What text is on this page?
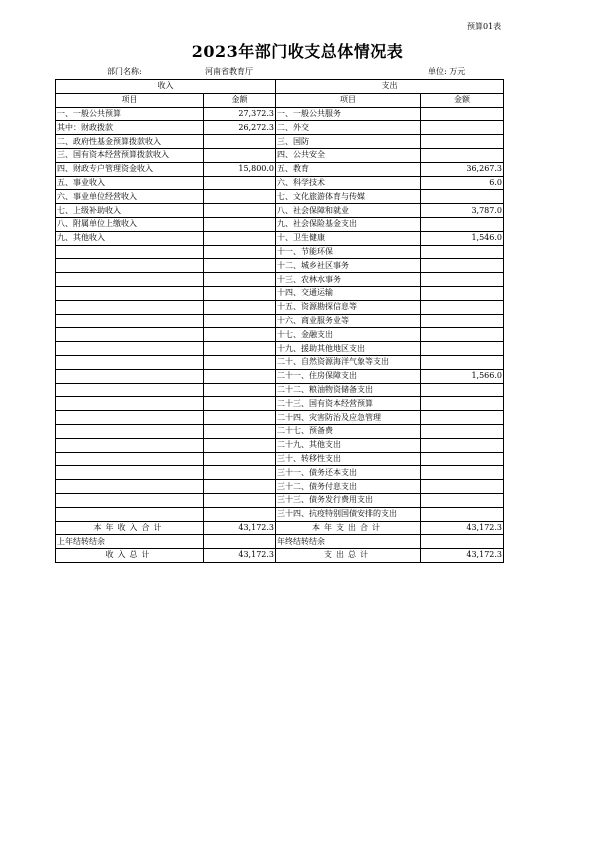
预算01表
2023年部门收支总体情况表
部门名称:	河南省教育厅	单位: 万元
收入		支出	
项目	金额	项目	金额
一、一般公共预算	27,372.3	一、一般公共服务	
其中：财政拨款	26,272.3	二、外交	
二、政府性基金预算拨款收入		三、国防	
三、国有资本经营预算拨款收入		四、公共安全	
四、财政专户管理资金收入	15,800.0	五、教育	36,267.3
五、事业收入		六、科学技术	6.0
六、事业单位经营收入		七、文化旅游体育与传媒	
七、上级补助收入		八、社会保障和就业	3,787.0
八、附属单位上缴收入		九、社会保险基金支出	
九、其他收入		十、卫生健康	1,546.0
		十一、节能环保	
		十二、城乡社区事务	
		十三、农林水事务	
		十四、交通运输	
		十五、资源勘探信息等	
		十六、商业服务业等	
		十七、金融支出	
		十九、援助其他地区支出	
		二十、自然资源海洋气象等支出	
		二十一、住房保障支出	1,566.0
		二十二、粮油物资储备支出	
		二十三、国有资本经营预算	
		二十四、灾害防治及应急管理	
		二十七、预备费	
		二十九、其他支出	
		三十、转移性支出	
		三十一、债务还本支出	
		三十二、债务付息支出	
		三十三、债务发行费用支出	
		三十四、抗疫特别国债安排的支出	
本年收入合计	43,172.3	本年支出合计	43,172.3
上年结转结余		年终结转结余	
收入总计	43,172.3	支出总计	43,172.3
